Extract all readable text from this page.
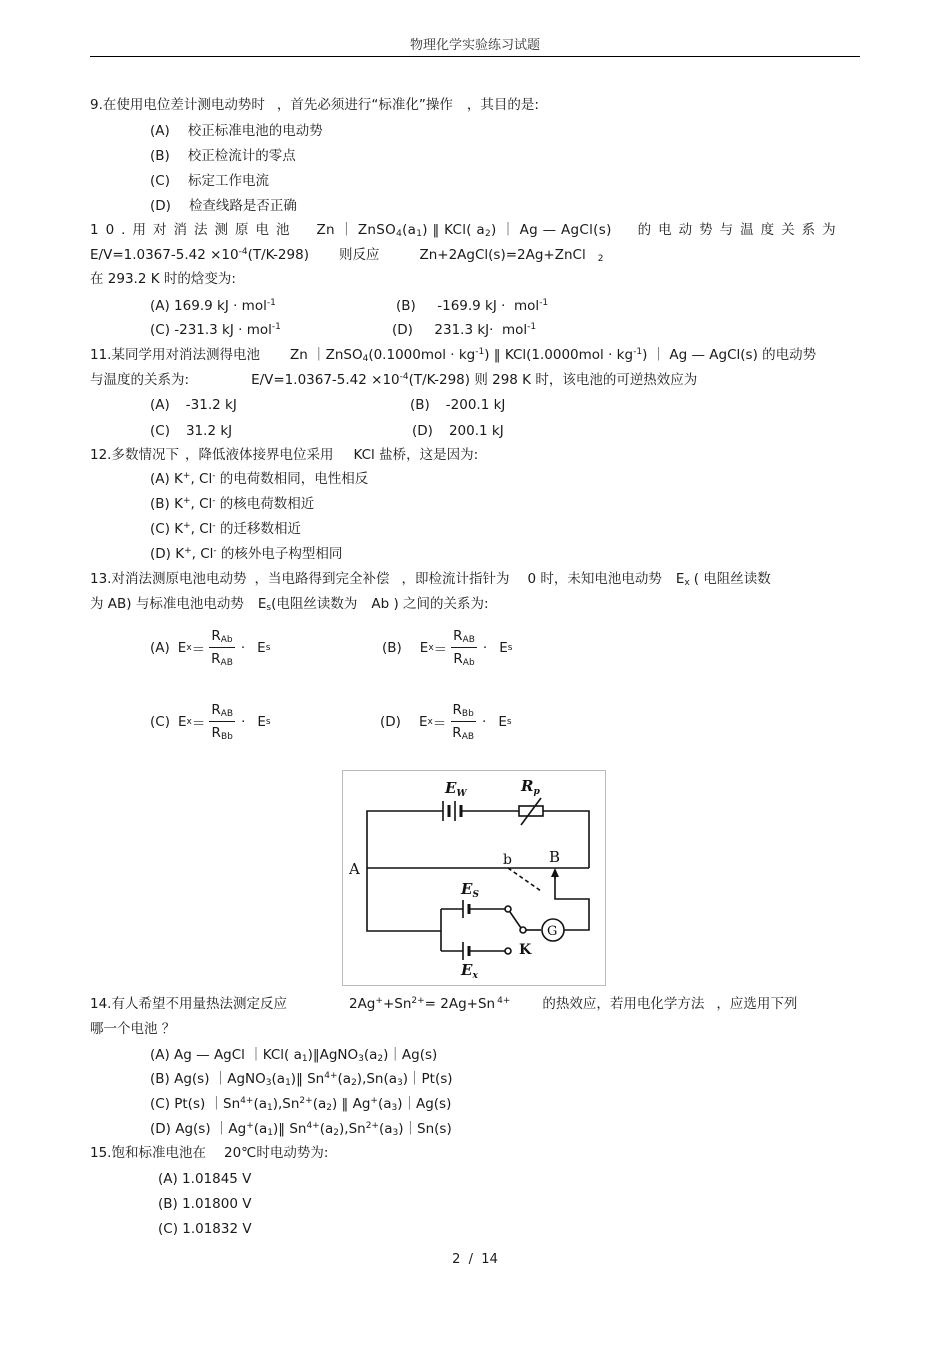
物理化学实验练习试题
9.在使用电位差计测电动势时 ，首先必须进行“标准化”操作 ，其目的是:
(A) 校正标准电池的电动势
(B) 校正检流计的零点
(C) 标定工作电流
(D) 检查线路是否正确
10.用对消法测原电池 Zn ｜ $ZnSO_4(a_1)$ ‖ KCl( $a_2$) ｜ Ag — AgCl(s) 的电动势与温度关系为
$E/V=1.0367-5.42 \times 10^{-4}(T/K-298)$ 则反应	Zn+2AgCl(s)=2Ag+ZnCl $_2$
在 293.2 K 时的焓变为:
(A) 169.9 kJ · mol$^{-1}$	(B)     -169.9 kJ ·  mol$^{-1}$
(C) -231.3 kJ · mol$^{-1}$	(D)     231.3 kJ·  mol$^{-1}$
11.某同学用对消法测得电池 Zn ｜ZnSO$_4$(0.1000mol · $kg^{-1}$) ‖ $KCl(1.0000mol \cdot kg^{-1})$ ｜ Ag — AgCl(s) 的电动势
与温度的关系为:	$E/V=1.0367-5.42 \times 10^{-4}(T/K-298)$ 则 298 K 时，该电池的可逆热效应为
(A) -31.2 kJ	(B) -200.1 kJ
(C) 31.2 kJ	(D) 200.1 kJ
12.多数情况下 ，降低液体接界电位采用 KCl 盐桥，这是因为:
(A) K+, Cl- 的电荷数相同，电性相反
(B) K+, Cl- 的核电荷数相近
(C) K+, Cl- 的迁移数相近
(D) K+, Cl- 的核外电子构型相同
13.对消法测原电池电动势 ，当电路得到完全补偿 ，即检流计指针为 0 时，未知电池电动势 $E_x$ ( 电阻丝读数
为 AB) 与标准电池电动势 $E_s$(电阻丝读数为 Ab ) 之间的关系为:
(A) E $x = \frac{R_{Ab}}{R_{AB}} \cdot E$ s	(B) E $x = \frac{R_{AB}}{R_{Ab}} \cdot E$ s
(C) E $x = \frac{R_{AB}}{R_{Bb}} \cdot E$ s	(D) E $x = \frac{R_{Bb}}{R_{AB}} \cdot E$ s
A
B
b
$E_W$	$R_p$
$E_S$
$E_x$
G
K
14.有人希望不用量热法测定反应	$2Ag^++Sn^{2+}= 2Ag+Sn$ $^{4+}$ 的热效应，若用电化学方法 ，应选用下列
哪一个电池 ？
(A) Ag — AgCl ｜KCl( $a_1)‖AgNO_3(a_2)|Ag(s)$
(B) Ag(s) $|AgNO_3(a_1)‖$ $Sn^{4+}(a_2),Sn(a_3)|Pt(s)$
(C) Pt(s) $|Sn^{4+}(a_1),Sn^{2+}(a_2)$ ‖ $Ag^+(a_3)|Ag(s)$
(D) Ag(s) $|Ag^+(a_1)‖$ $Sn^{4+}(a_2),Sn^{2+}(a_3)|Sn(s)$
15.饱和标准电池在 20℃时电动势为:
(A) 1.01845 V
(B) 1.01800 V
(C) 1.01832 V
2  /  14
